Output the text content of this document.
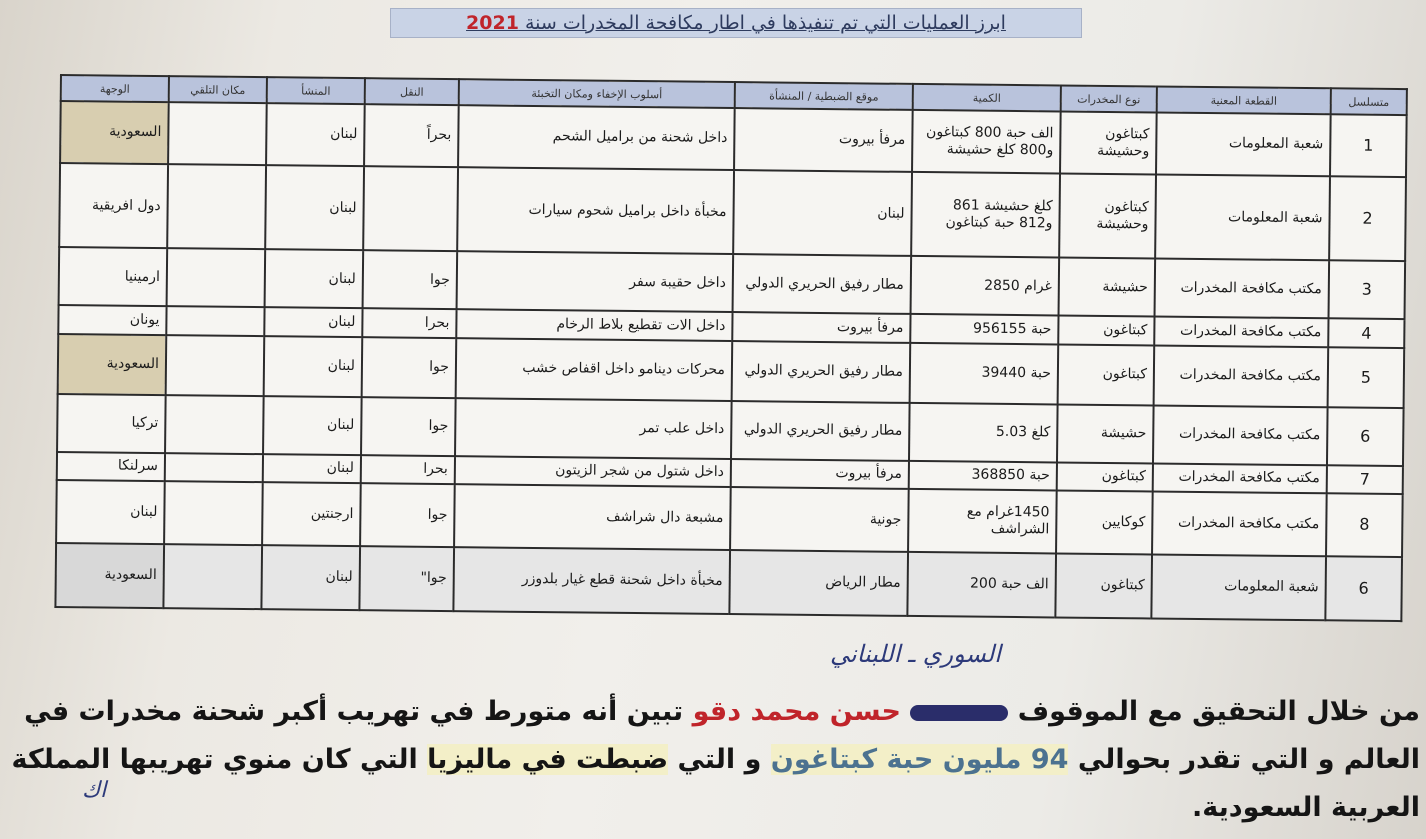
ابرز العمليات التي تم تنفيذها في اطار مكافحة المخدرات سنة 2021
متسلسل	القطعة المعنية	نوع المخدرات	الكمية	موقع الضبطية / المنشأة	أسلوب الإخفاء ومكان التخبئة	النقل	المنشأ	مكان التلقي	الوجهة
1	شعبة المعلومات	كبتاغون وحشيشة	الف حبة 800 كبتاغون و800 كلغ حشيشة	مرفأ بيروت	داخل شحنة من براميل الشحم	بحراً	لبنان		السعودية
2	شعبة المعلومات	كبتاغون وحشيشة	كلغ حشيشة 861 و812 حبة كبتاغون	لبنان	مخبأة داخل براميل شحوم سيارات		لبنان		دول افريقية
3	مكتب مكافحة المخدرات	حشيشة	غرام 2850	مطار رفيق الحريري الدولي	داخل حقيبة سفر	جوا	لبنان		ارمينيا
4	مكتب مكافحة المخدرات	كبتاغون	حبة 956155	مرفأ بيروت	داخل الات تقطيع بلاط الرخام	بحرا	لبنان		يونان
5	مكتب مكافحة المخدرات	كبتاغون	حبة 39440	مطار رفيق الحريري الدولي	محركات دينامو داخل اقفاص خشب	جوا	لبنان		السعودية
6	مكتب مكافحة المخدرات	حشيشة	كلغ 5.03	مطار رفيق الحريري الدولي	داخل علب تمر	جوا	لبنان		تركيا
7	مكتب مكافحة المخدرات	كبتاغون	حبة 368850	مرفأ بيروت	داخل شتول من شجر الزيتون	بحرا	لبنان		سرلنكا
8	مكتب مكافحة المخدرات	كوكايين	1450غرام مع الشراشف	جونية	مشبعة دال شراشف	جوا	ارجنتين		لبنان
6	شعبة المعلومات	كبتاغون	الف حبة 200	مطار الرياض	مخبأة داخل شحنة قطع غيار بلدوزر	جوا"	لبنان		السعودية
السوري ـ اللبناني
من خلال التحقيق مع الموقوف  حسن محمد دقو تبين أنه متورط في تهريب أكبر شحنة مخدرات في العالم و التي تقدر بحوالي 94 مليون حبة كبتاغون و التي ضبطت في ماليزيا التي كان منوي تهريبها المملكة العربية السعودية.
اك
